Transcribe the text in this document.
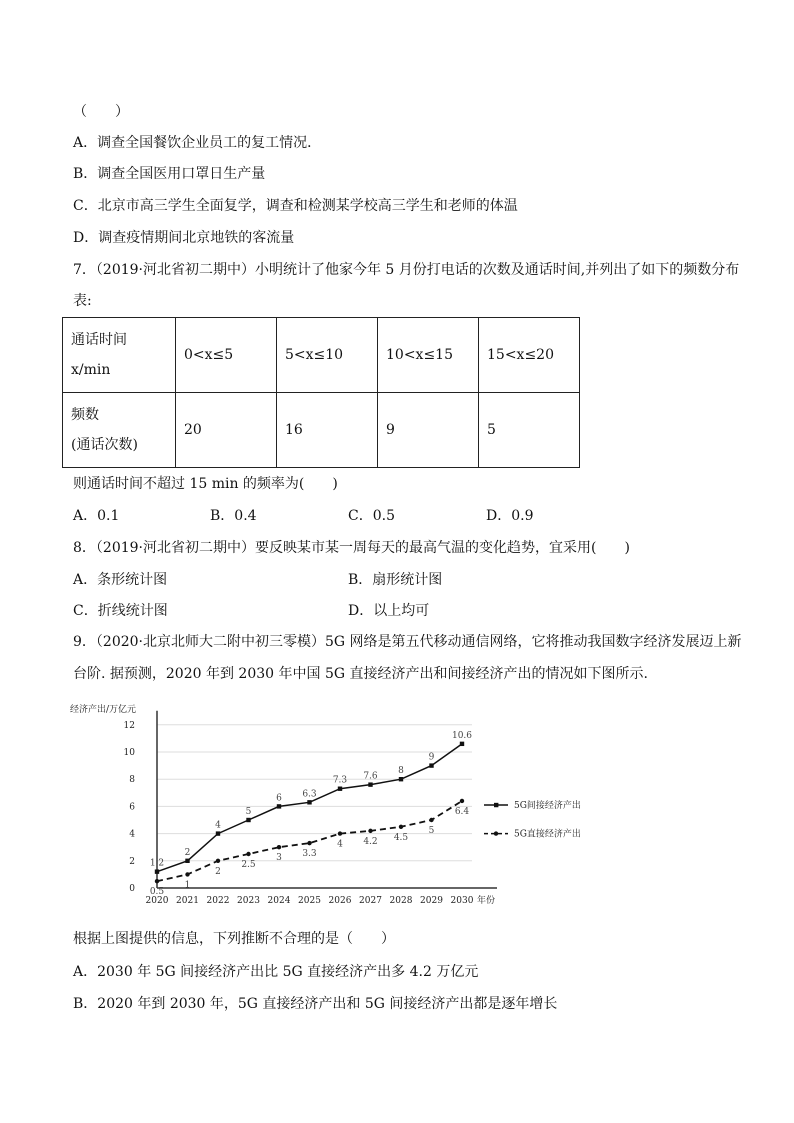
（　　）
A．调查全国餐饮企业员工的复工情况．
B．调查全国医用口罩日生产量
C．北京市高三学生全面复学，调查和检测某学校高三学生和老师的体温
D．调查疫情期间北京地铁的客流量
7．（2019·河北省初二期中）小明统计了他家今年 5 月份打电话的次数及通话时间,并列出了如下的频数分布
表:
通话时间
x/min	0<x≤5	5<x≤10	10<x≤15	15<x≤20

频数
(通话次数)	20	16	9	5
则通话时间不超过 15 min 的频率为(　　)
A．0.1	B．0.4	C．0.5	D．0.9
8．（2019·河北省初二期中）要反映某市某一周每天的最高气温的变化趋势，宜采用(　　)
A．条形统计图	B．扇形统计图
C．折线统计图	D．以上均可
9．（2020·北京北师大二附中初三零模）5G 网络是第五代移动通信网络，它将推动我国数字经济发展迈上新
台阶. 据预测，2020 年到 2030 年中国 5G 直接经济产出和间接经济产出的情况如下图所示.
经济产出/万亿元
0
2
4
6
8
10
12
2020 2021 2022 2023 2024 2025 2026 2027 2028 2029 2030 年份
1.2
2
4
5
6 6.3
7.3 7.6
8
9
10.6
0.5
1
2
2.5
3 3.3
4 4.2 4.5
5
6.4
5G间接经济产出
5G直接经济产出
根据上图提供的信息，下列推断不合理的是（　　）
A．2030 年 5G 间接经济产出比 5G 直接经济产出多 4.2 万亿元
B．2020 年到 2030 年，5G 直接经济产出和 5G 间接经济产出都是逐年增长
